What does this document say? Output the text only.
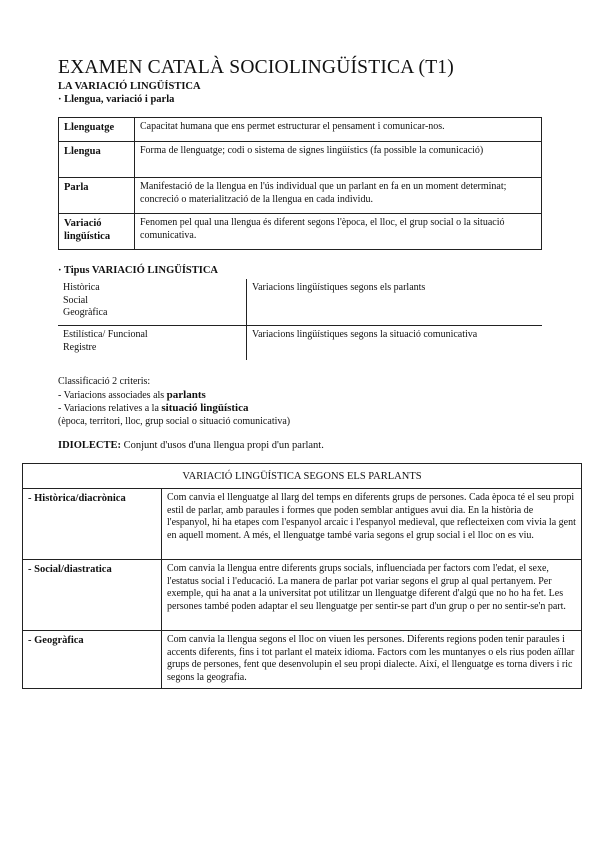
EXAMEN CATALÀ SOCIOLINGÜÍSTICA (T1)
LA VARIACIÓ LINGÜÍSTICA
· Llengua, variació i parla
Llenguatge	Capacitat humana que ens permet estructurar el pensament i comunicar-nos.
Llengua	Forma de llenguatge; codi o sistema de signes lingüístics (fa possible la comunicació)
Parla	Manifestació de la llengua en l'ús individual que un parlant en fa en un moment determinat; concreció o materialització de la llengua en cada individu.
Variació lingüística	Fenomen pel qual una llengua és diferent segons l'època, el lloc, el grup social o la situació comunicativa.
· Tipus VARIACIÓ LINGÜÍSTICA
Històrica
Social
Geogràfica	Variacions lingüístiques segons els parlants

Estilística/ Funcional
Registre	Variacions lingüístiques segons la situació comunicativa
Classificació 2 criteris:
- Variacions associades als parlants
- Variacions relatives a la situació lingüística
(època, territori, lloc, grup social o situació comunicativa)
IDIOLECTE: Conjunt d'usos d'una llengua propi d'un parlant.
VARIACIÓ LINGÜÍSTICA SEGONS ELS PARLANTS	
- Històrica/diacrònica	Com canvia el llenguatge al llarg del temps en diferents grups de persones. Cada època té el seu propi estil de parlar, amb paraules i formes que poden semblar antigues avui dia. En la història de l'espanyol, hi ha etapes com l'espanyol arcaic i l'espanyol medieval, que reflecteixen com vivia la gent en aquell moment. A més, el llenguatge també varia segons el grup social i el lloc on es viu.
- Social/diastratica	Com canvia la llengua entre diferents grups socials, influenciada per factors com l'edat, el sexe, l'estatus social i l'educació. La manera de parlar pot variar segons el grup al qual pertanyem. Per exemple, qui ha anat a la universitat pot utilitzar un llenguatge diferent d'algú que no ho ha fet. Les persones també poden adaptar el seu llenguatge per sentir-se part d'un grup o per no sentir-se'n part.
- Geogràfica	Com canvia la llengua segons el lloc on viuen les persones. Diferents regions poden tenir paraules i accents diferents, fins i tot parlant el mateix idioma. Factors com les muntanyes o els rius poden aïllar grups de persones, fent que desenvolupin el seu propi dialecte. Així, el llenguatge es torna divers i ric segons la geografia.
